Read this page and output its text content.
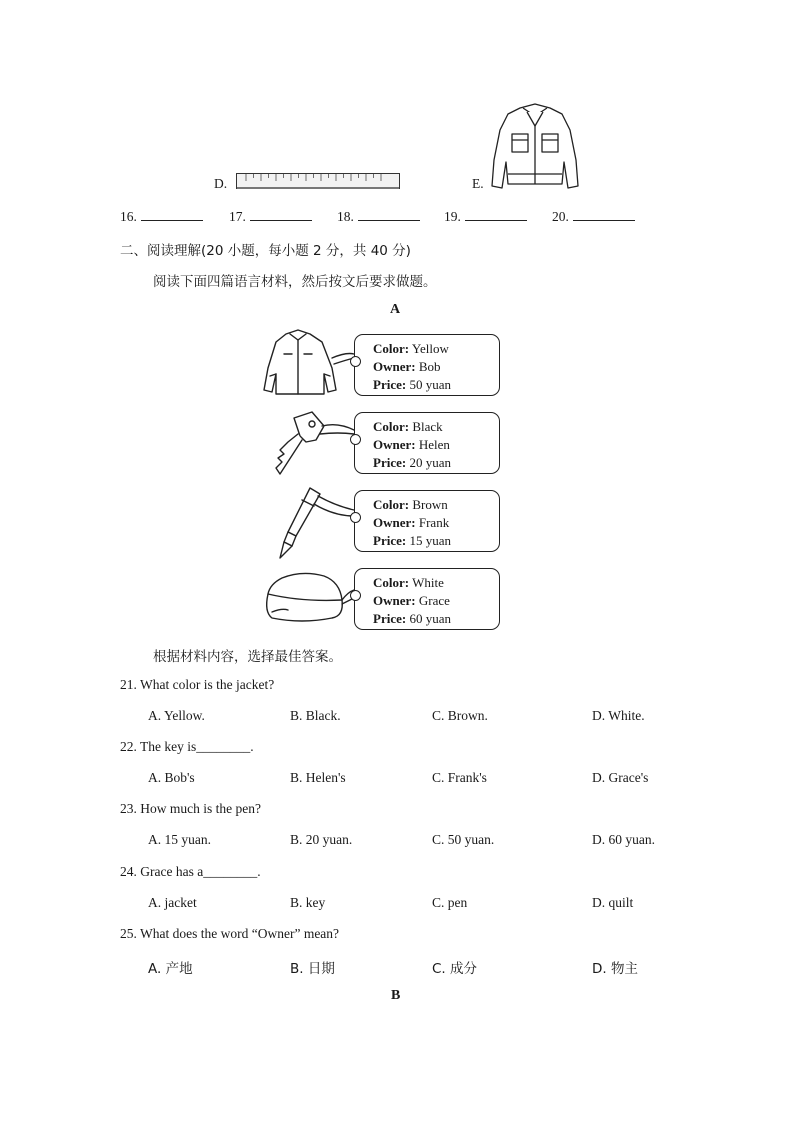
D.	E.
16.	17.	18.	19.	20.
二、阅读理解(20 小题，每小题 2 分，共 40 分)
阅读下面四篇语言材料，然后按文后要求做题。
A
Color: Yellow
Owner: Bob
Price: 50 yuan
Color: Black
Owner: Helen
Price: 20 yuan
Color: Brown
Owner: Frank
Price: 15 yuan
Color: White
Owner: Grace
Price: 60 yuan
根据材料内容，选择最佳答案。
21. What color is the jacket?
A. Yellow.	B. Black.	C. Brown.	D. White.
22. The key is________.
A. Bob's	B. Helen's	C. Frank's	D. Grace's
23. How much is the pen?
A. 15 yuan.	B. 20 yuan.	C. 50 yuan.	D. 60 yuan.
24. Grace has a________.
A. jacket	B. key	C. pen	D. quilt
25. What does the word “Owner” mean?
A. 产地	B. 日期	C. 成分	D. 物主
B
